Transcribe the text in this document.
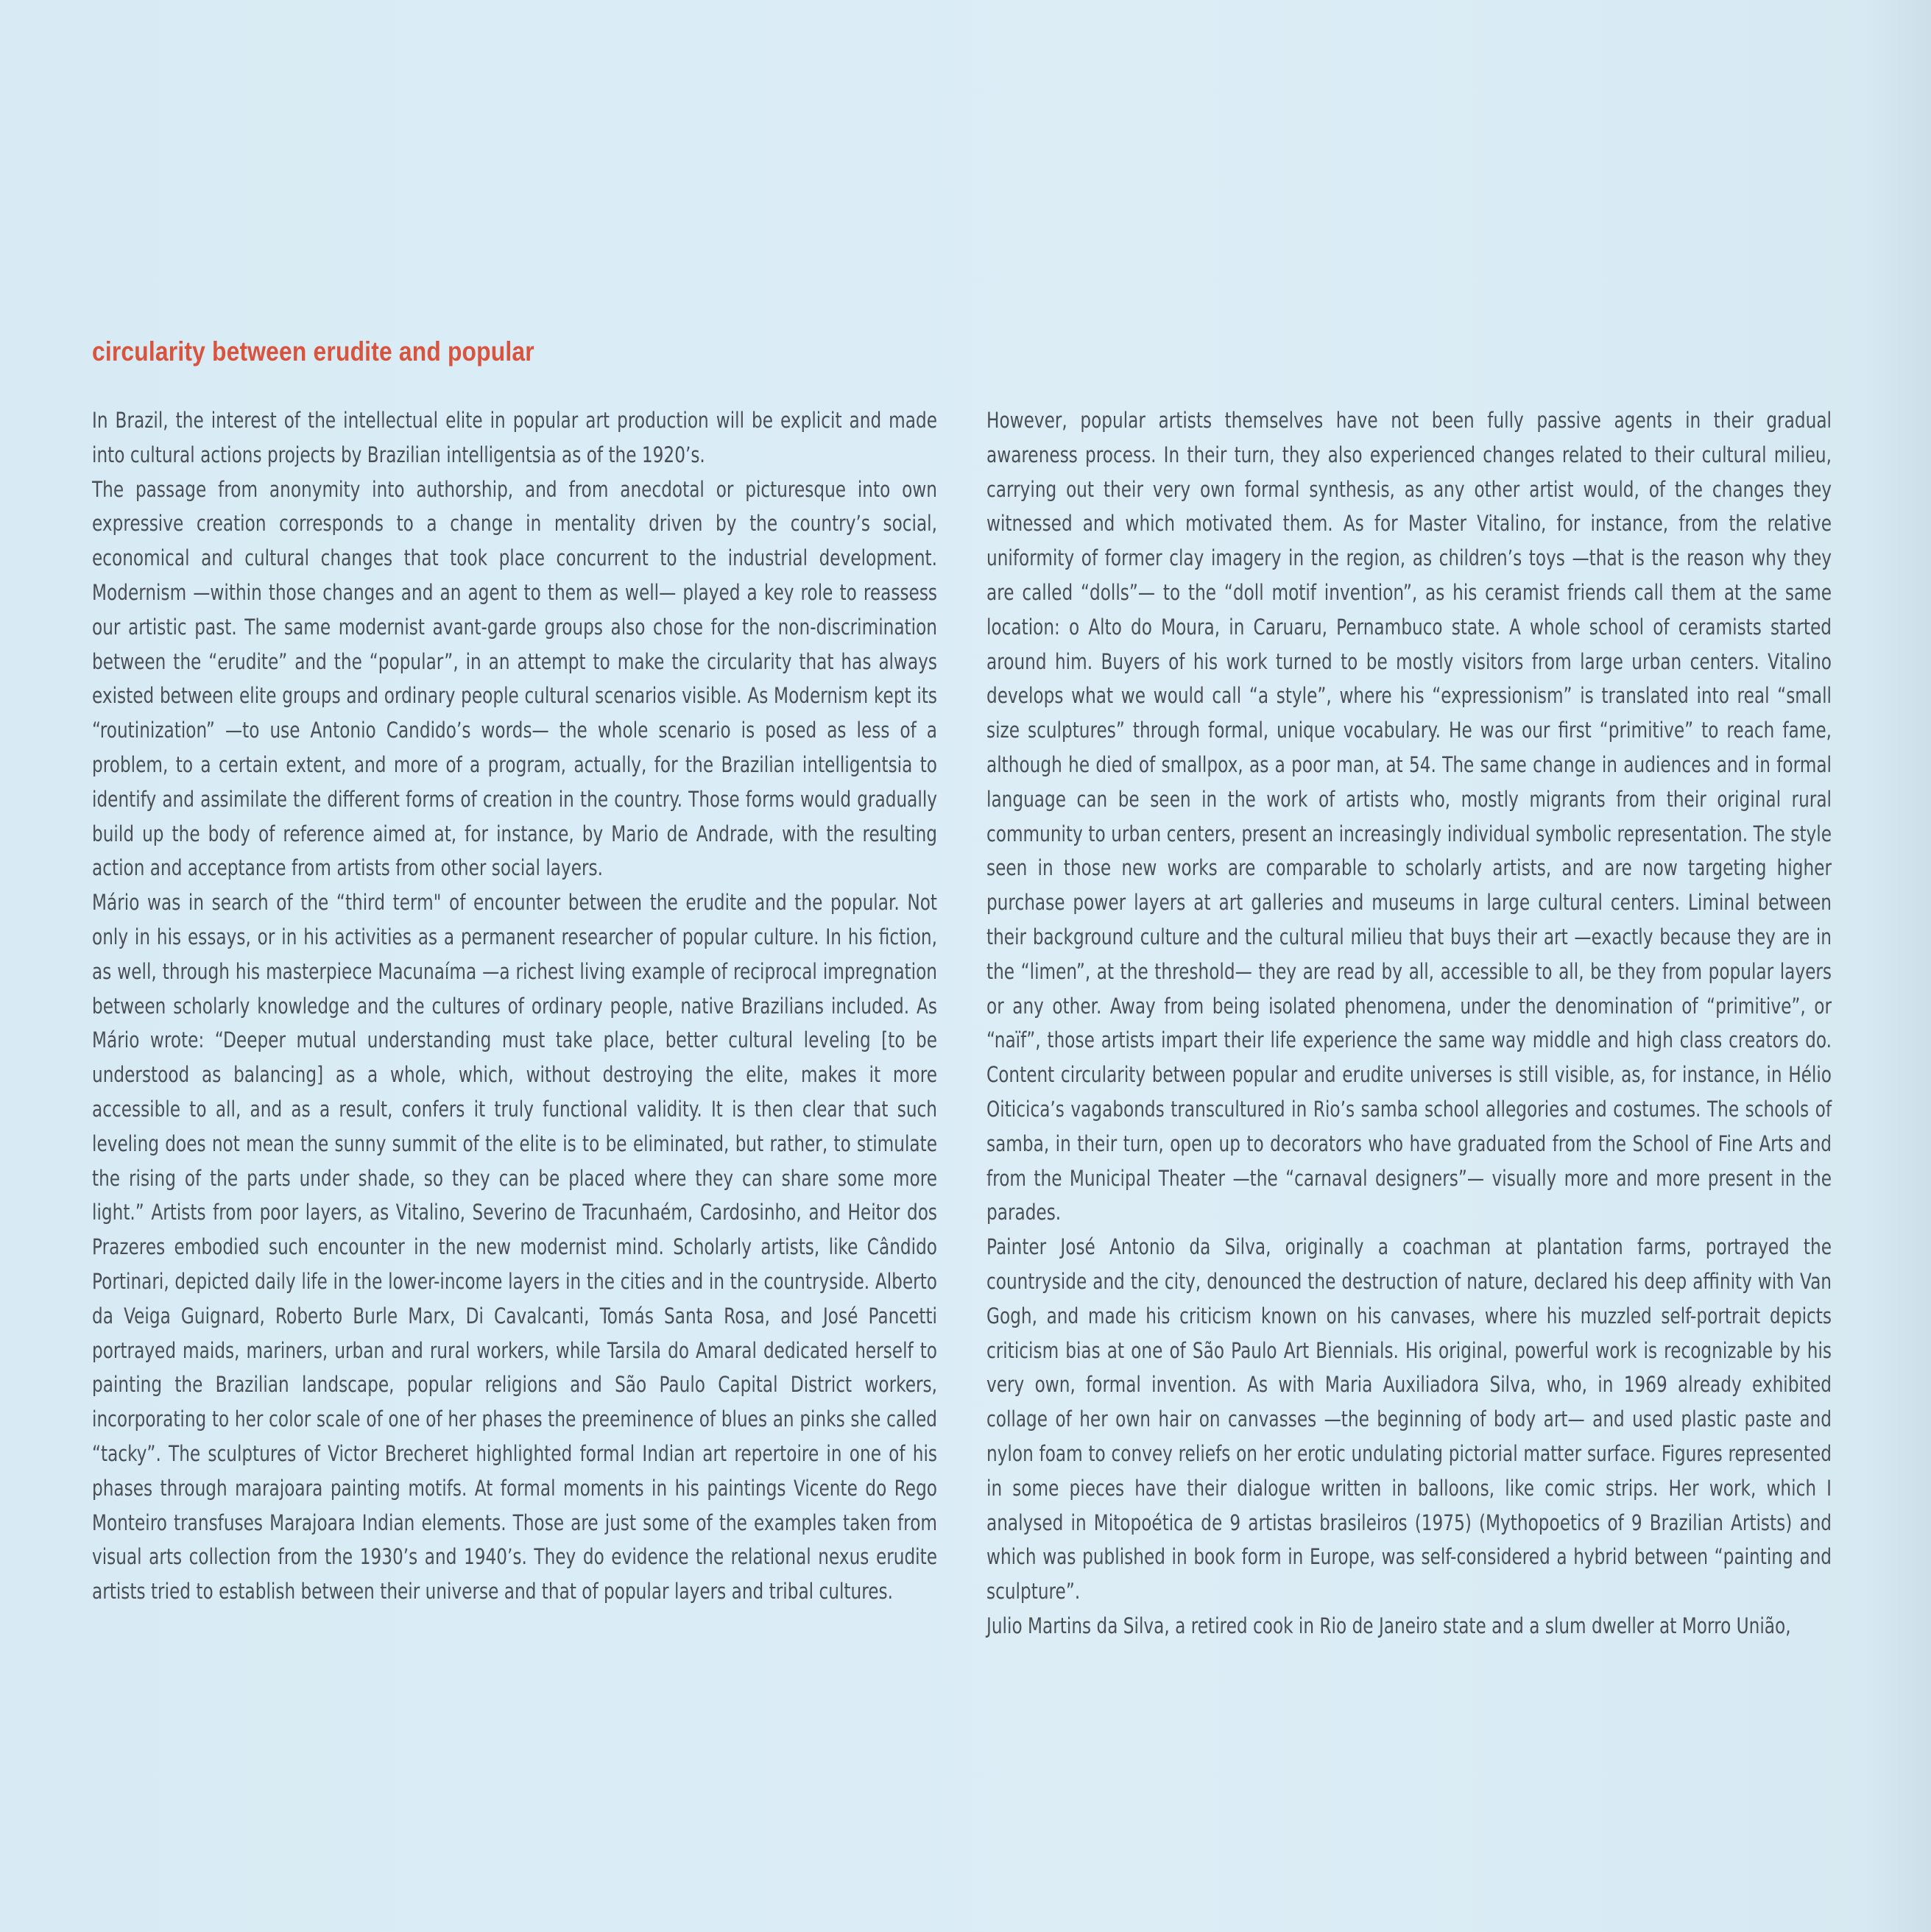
circularity between erudite and popular

In Brazil, the interest of the intellectual elite in popular art production will be explicit and made into cultural actions projects by Brazilian intelligentsia as of the 1920’s.

The passage from anonymity into authorship, and from anecdotal or picturesque into own expressive creation corresponds to a change in mentality driven by the country’s social, economical and cultural changes that took place concurrent to the industrial development. Modernism —within those changes and an agent to them as well— played a key role to reassess our artistic past. The same modernist avant-garde groups also chose for the non-discrimination between the “erudite” and the “popular”, in an attempt to make the circularity that has always existed between elite groups and ordinary people cultural scenarios visible. As Modernism kept its “routinization” —to use Antonio Candido’s words— the whole scenario is posed as less of a problem, to a certain extent, and more of a program, actually, for the Brazilian intelligentsia to identify and assimilate the different forms of creation in the country. Those forms would gradually build up the body of reference aimed at, for instance, by Mario de Andrade, with the resulting action and acceptance from artists from other social layers.

Mário was in search of the “third term" of encounter between the erudite and the popular. Not only in his essays, or in his activities as a permanent researcher of popular culture. In his fiction, as well, through his masterpiece Macunaíma —a richest living example of reciprocal impregnation between scholarly knowledge and the cultures of ordinary people, native Brazilians included. As Mário wrote: “Deeper mutual understanding must take place, better cultural leveling [to be understood as balancing] as a whole, which, without destroying the elite, makes it more accessible to all, and as a result, confers it truly functional validity. It is then clear that such leveling does not mean the sunny summit of the elite is to be eliminated, but rather, to stimulate the rising of the parts under shade, so they can be placed where they can share some more light.” Artists from poor layers, as Vitalino, Severino de Tracunhaém, Cardosinho, and Heitor dos Prazeres embodied such encounter in the new modernist mind. Scholarly artists, like Cândido Portinari, depicted daily life in the lower-income layers in the cities and in the countryside. Alberto da Veiga Guignard, Roberto Burle Marx, Di Cavalcanti, Tomás Santa Rosa, and José Pancetti portrayed maids, mariners, urban and rural workers, while Tarsila do Amaral dedicated herself to painting the Brazilian landscape, popular religions and São Paulo Capital District workers, incorporating to her color scale of one of her phases the preeminence of blues an pinks she called “tacky”. The sculptures of Victor Brecheret highlighted formal Indian art repertoire in one of his phases through marajoara painting motifs. At formal moments in his paintings Vicente do Rego Monteiro transfuses Marajoara Indian elements. Those are just some of the examples taken from visual arts collection from the 1930’s and 1940’s. They do evidence the relational nexus erudite artists tried to establish between their universe and that of popular layers and tribal cultures.

However, popular artists themselves have not been fully passive agents in their gradual awareness process. In their turn, they also experienced changes related to their cultural milieu, carrying out their very own formal synthesis, as any other artist would, of the changes they witnessed and which motivated them. As for Master Vitalino, for instance, from the relative uniformity of former clay imagery in the region, as children’s toys —that is the reason why they are called “dolls”— to the “doll motif invention”, as his ceramist friends call them at the same location: o Alto do Moura, in Caruaru, Pernambuco state. A whole school of ceramists started around him. Buyers of his work turned to be mostly visitors from large urban centers. Vitalino develops what we would call “a style”, where his “expressionism” is translated into real “small size sculptures” through formal, unique vocabulary. He was our first “primitive” to reach fame, although he died of smallpox, as a poor man, at 54. The same change in audiences and in formal language can be seen in the work of artists who, mostly migrants from their original rural community to urban centers, present an increasingly individual symbolic representation. The style seen in those new works are comparable to scholarly artists, and are now targeting higher purchase power layers at art galleries and museums in large cultural centers. Liminal between their background culture and the cultural milieu that buys their art —exactly because they are in the “limen”, at the threshold— they are read by all, accessible to all, be they from popular layers or any other. Away from being isolated phenomena, under the denomination of “primitive”, or “naïf”, those artists impart their life experience the same way middle and high class creators do. Content circularity between popular and erudite universes is still visible, as, for instance, in Hélio Oiticica’s vagabonds transcultured in Rio’s samba school allegories and costumes. The schools of samba, in their turn, open up to decorators who have graduated from the School of Fine Arts and from the Municipal Theater —the “carnaval designers”— visually more and more present in the parades.

Painter José Antonio da Silva, originally a coachman at plantation farms, portrayed the countryside and the city, denounced the destruction of nature, declared his deep affinity with Van Gogh, and made his criticism known on his canvases, where his muzzled self-portrait depicts criticism bias at one of São Paulo Art Biennials. His original, powerful work is recognizable by his very own, formal invention. As with Maria Auxiliadora Silva, who, in 1969 already exhibited collage of her own hair on canvasses —the beginning of body art— and used plastic paste and nylon foam to convey reliefs on her erotic undulating pictorial matter surface. Figures represented in some pieces have their dialogue written in balloons, like comic strips. Her work, which I analysed in Mitopoética de 9 artistas brasileiros (1975) (Mythopoetics of 9 Brazilian Artists) and which was published in book form in Europe, was self-considered a hybrid between “painting and sculpture”.

Julio Martins da Silva, a retired cook in Rio de Janeiro state and a slum dweller at Morro União,
